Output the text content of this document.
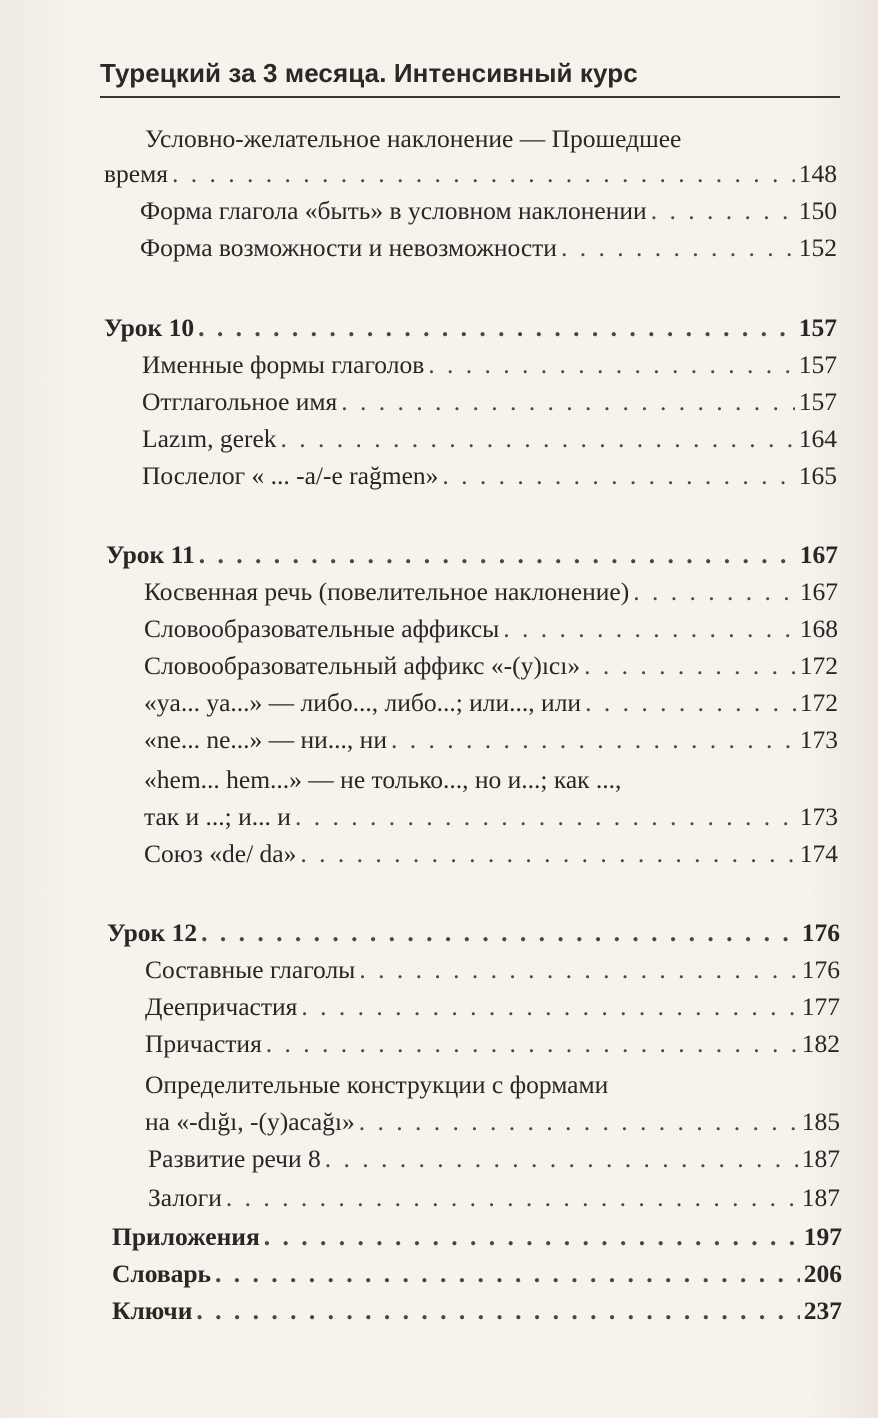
Турецкий за 3 месяца. Интенсивный курс
Условно-желательное наклонение — Прошедшее
время . . .	148
Форма глагола «быть» в условном наклонении . . .	150
Форма возможности и невозможности . . .	152
Урок 10 . . .	157
Именные формы глаголов . . .	157
Отглагольное имя . . .	157
Lazım, gerek . . .	164
Послелог « ... -a/-e rağmen» . . .	165
Урок 11 . . .	167
Косвенная речь (повелительное наклонение) . . .	167
Словообразовательные аффиксы . . .	168
Словообразовательный аффикс «-(y)ıcı» . . .	172
«ya... ya...» — либо..., либо...; или..., или . . .	172
«ne... ne...» — ни..., ни . . .	173
«hem... hem...» — не только..., но и...; как ...,
так и ...; и... и . . .	173
Союз «de/ da» . . .	174
Урок 12 . . .	176
Составные глаголы . . .	176
Деепричастия . . .	177
Причастия . . .	182
Определительные конструкции с формами
на «-dığı, -(y)acağı» . . .	185
Развитие речи 8 . . .	187
Залоги . . .	187
Приложения . . .	197
Словарь . . .	206
Ключи . . .	237
